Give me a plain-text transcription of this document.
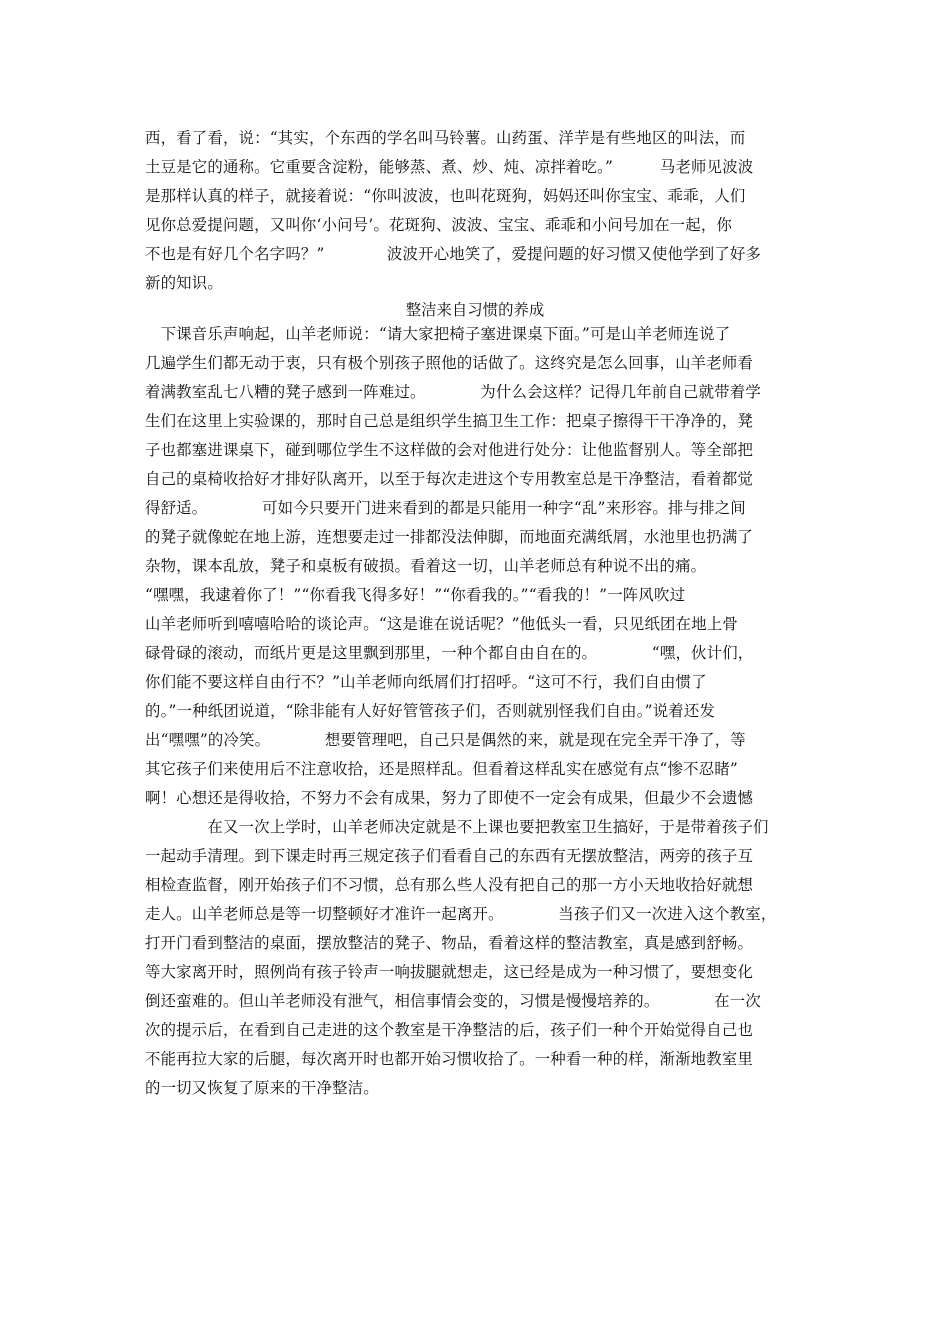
西，看了看，说：“其实，个东西的学名叫马铃薯。山药蛋、洋芋是有些地区的叫法，而
土豆是它的通称。它重要含淀粉，能够蒸、煮、炒、炖、凉拌着吃。”　　　马老师见波波
是那样认真的样子，就接着说：“你叫波波，也叫花斑狗，妈妈还叫你宝宝、乖乖，人们
见你总爱提问题，又叫你‘小问号’。花斑狗、波波、宝宝、乖乖和小问号加在一起，你
不也是有好几个名字吗？”　　　　波波开心地笑了，爱提问题的好习惯又使他学到了好多
新的知识。
整洁来自习惯的养成
　下课音乐声响起，山羊老师说：“请大家把椅子塞进课桌下面。”可是山羊老师连说了
几遍学生们都无动于衷，只有极个别孩子照他的话做了。这终究是怎么回事，山羊老师看
着满教室乱七八糟的凳子感到一阵难过。　　　　为什么会这样？记得几年前自己就带着学
生们在这里上实验课的，那时自己总是组织学生搞卫生工作：把桌子擦得干干净净的，凳
子也都塞进课桌下，碰到哪位学生不这样做的会对他进行处分：让他监督别人。等全部把
自己的桌椅收拾好才排好队离开，以至于每次走进这个专用教室总是干净整洁，看着都觉
得舒适。　　　　可如今只要开门进来看到的都是只能用一种字“乱”来形容。排与排之间
的凳子就像蛇在地上游，连想要走过一排都没法伸脚，而地面充满纸屑，水池里也扔满了
杂物，课本乱放，凳子和桌板有破损。看着这一切，山羊老师总有种说不出的痛。
“嘿嘿，我逮着你了！”“你看我飞得多好！”“你看我的。”“看我的！”一阵风吹过
山羊老师听到嘻嘻哈哈的谈论声。“这是谁在说话呢？”他低头一看，只见纸团在地上骨
碌骨碌的滚动，而纸片更是这里飘到那里，一种个都自由自在的。　　　　“嘿，伙计们，
你们能不要这样自由行不？”山羊老师向纸屑们打招呼。“这可不行，我们自由惯了
的。”一种纸团说道，“除非能有人好好管管孩子们，否则就别怪我们自由。”说着还发
出“嘿嘿”的冷笑。　　　　想要管理吧，自己只是偶然的来，就是现在完全弄干净了，等
其它孩子们来使用后不注意收拾，还是照样乱。但看着这样乱实在感觉有点“惨不忍睹”
啊！心想还是得收拾，不努力不会有成果，努力了即使不一定会有成果，但最少不会遗憾
　　　　在又一次上学时，山羊老师决定就是不上课也要把教室卫生搞好，于是带着孩子们
一起动手清理。到下课走时再三规定孩子们看看自己的东西有无摆放整洁，两旁的孩子互
相检查监督，刚开始孩子们不习惯，总有那么些人没有把自己的那一方小天地收拾好就想
走人。山羊老师总是等一切整顿好才准许一起离开。　　　　当孩子们又一次进入这个教室，
打开门看到整洁的桌面，摆放整洁的凳子、物品，看着这样的整洁教室，真是感到舒畅。
等大家离开时，照例尚有孩子铃声一响拔腿就想走，这已经是成为一种习惯了，要想变化
倒还蛮难的。但山羊老师没有泄气，相信事情会变的，习惯是慢慢培养的。　　　　在一次
次的提示后，在看到自己走进的这个教室是干净整洁的后，孩子们一种个开始觉得自己也
不能再拉大家的后腿，每次离开时也都开始习惯收拾了。一种看一种的样，渐渐地教室里
的一切又恢复了原来的干净整洁。
